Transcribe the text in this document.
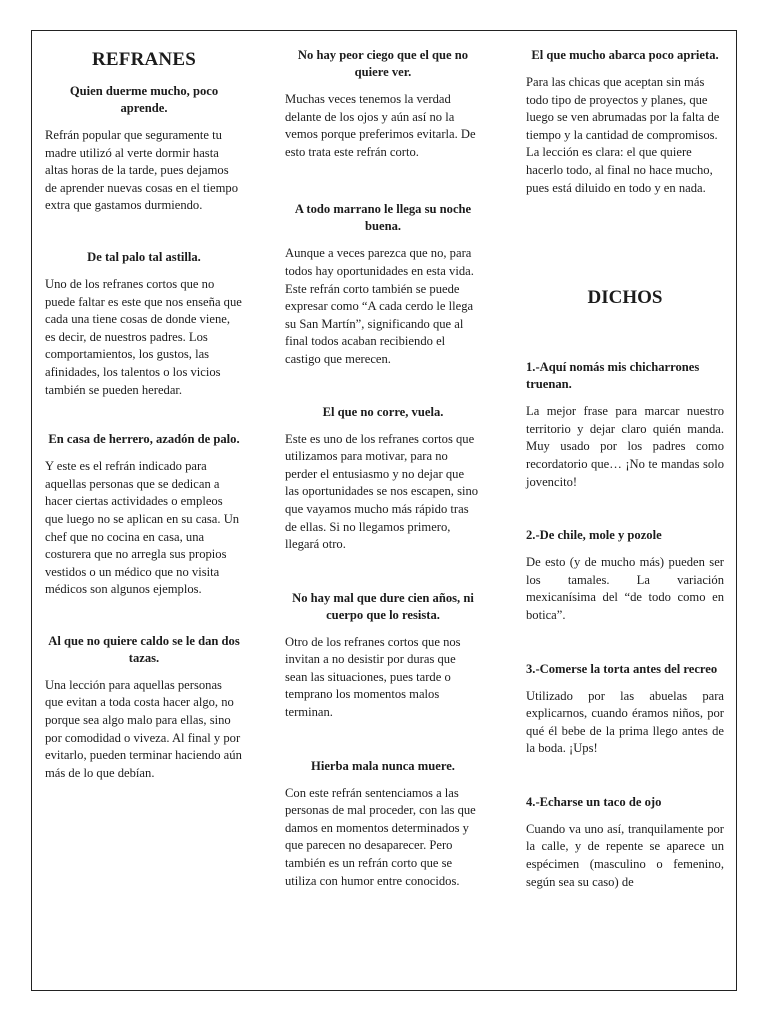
REFRANES
Quien duerme mucho, poco aprende.

Refrán popular que seguramente tu madre utilizó al verte dormir hasta altas horas de la tarde, pues dejamos de aprender nuevas cosas en el tiempo extra que gastamos durmiendo.

De tal palo tal astilla.

Uno de los refranes cortos que no puede faltar es este que nos enseña que cada una tiene cosas de donde viene, es decir, de nuestros padres. Los comportamientos, los gustos, las afinidades, los talentos o los vicios también se pueden heredar.

En casa de herrero, azadón de palo.

Y este es el refrán indicado para aquellas personas que se dedican a hacer ciertas actividades o empleos que luego no se aplican en su casa. Un chef que no cocina en casa, una costurera que no arregla sus propios vestidos o un médico que no visita médicos son algunos ejemplos.

Al que no quiere caldo se le dan dos tazas.

Una lección para aquellas personas que evitan a toda costa hacer algo, no porque sea algo malo para ellas, sino por comodidad o viveza. Al final y por evitarlo, pueden terminar haciendo aún más de lo que debían.

No hay peor ciego que el que no quiere ver.

Muchas veces tenemos la verdad delante de los ojos y aún así no la vemos porque preferimos evitarla. De esto trata este refrán corto.

A todo marrano le llega su noche buena.

Aunque a veces parezca que no, para todos hay oportunidades en esta vida. Este refrán corto también se puede expresar como “A cada cerdo le llega su San Martín”, significando que al final todos acaban recibiendo el castigo que merecen.

El que no corre, vuela.

Este es uno de los refranes cortos que utilizamos para motivar, para no perder el entusiasmo y no dejar que las oportunidades se nos escapen, sino que vayamos mucho más rápido tras de ellas. Si no llegamos primero, llegará otro.

No hay mal que dure cien años, ni cuerpo que lo resista.

Otro de los refranes cortos que nos invitan a no desistir por duras que sean las situaciones, pues tarde o temprano los momentos malos terminan.

Hierba mala nunca muere.

Con este refrán sentenciamos a las personas de mal proceder, con las que damos en momentos determinados y que parecen no desaparecer. Pero también es un refrán corto que se utiliza con humor entre conocidos.

El que mucho abarca poco aprieta.

Para las chicas que aceptan sin más todo tipo de proyectos y planes, que luego se ven abrumadas por la falta de tiempo y la cantidad de compromisos. La lección es clara: el que quiere hacerlo todo, al final no hace mucho, pues está diluido en todo y en nada.

DICHOS
1.-Aquí nomás mis chicharrones truenan.

La mejor frase para marcar nuestro territorio y dejar claro quién manda. Muy usado por los padres como recordatorio que… ¡No te mandas solo jovencito!

2.-De chile, mole y pozole

De esto (y de mucho más) pueden ser los tamales. La variación mexicanísima del “de todo como en botica”.

3.-Comerse la torta antes del recreo

Utilizado por las abuelas para explicarnos, cuando éramos niños, por qué él bebe de la prima llego antes de la boda. ¡Ups!

4.-Echarse un taco de ojo

Cuando va uno así, tranquilamente por la calle, y de repente se aparece un espécimen (masculino o femenino, según sea su caso) de
